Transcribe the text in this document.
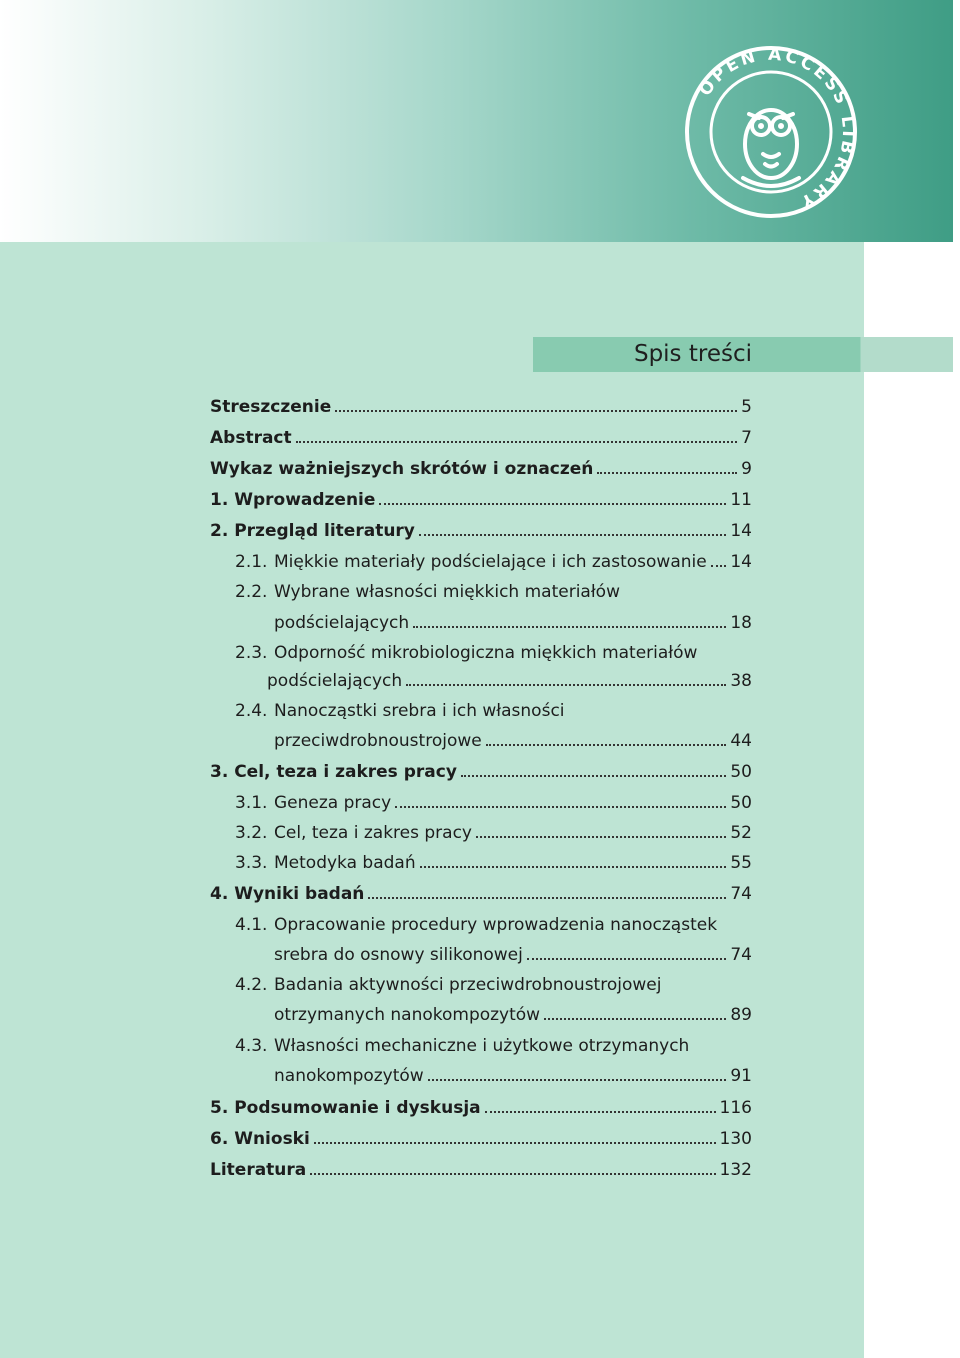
OPEN ACCESS LIBRARY
Spis treści
Streszczenie	5
Abstract	7
Wykaz ważniejszych skrótów i oznaczeń	9
1. Wprowadzenie	11
2. Przegląd literatury	14
2.1. Miękkie materiały podścielające i ich zastosowanie 14
2.2. Wybrane własności miękkich materiałów
podścielających	18
2.3. Odporność mikrobiologiczna miękkich materiałów
podścielających	38
2.4. Nanocząstki srebra i ich własności
przeciwdrobnoustrojowe	44
3. Cel, teza i zakres pracy	50
3.1. Geneza pracy	50
3.2. Cel, teza i zakres pracy	52
3.3. Metodyka badań	55
4. Wyniki badań	74
4.1. Opracowanie procedury wprowadzenia nanocząstek
srebra do osnowy silikonowej	74
4.2. Badania aktywności przeciwdrobnoustrojowej
otrzymanych nanokompozytów	89
4.3. Własności mechaniczne i użytkowe otrzymanych
nanokompozytów	91
5. Podsumowanie i dyskusja	116
6. Wnioski	130
Literatura	132
